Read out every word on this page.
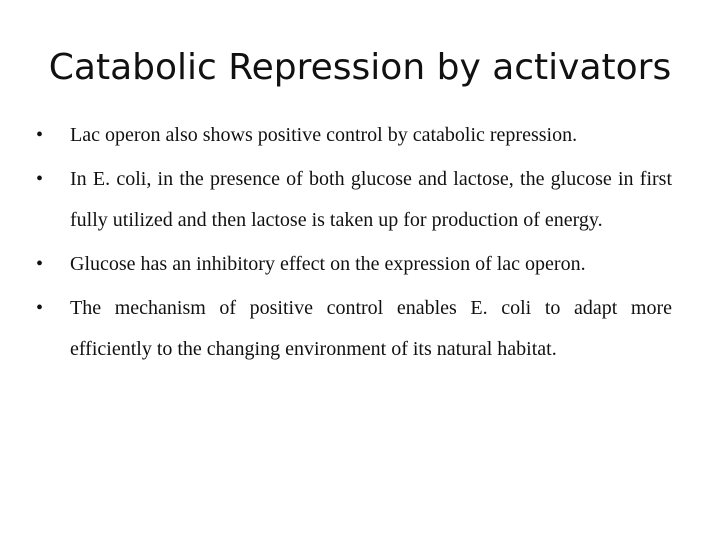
Catabolic Repression by activators
•	Lac operon also shows positive control by catabolic repression.
•	In E. coli, in the presence of both glucose and lactose, the glucose in first fully utilized and then lactose is taken up for production of energy.
•	Glucose has an inhibitory effect on the expression of lac operon.
•	The mechanism of positive control enables E. coli to adapt more efficiently to the changing environment of its natural habitat.
